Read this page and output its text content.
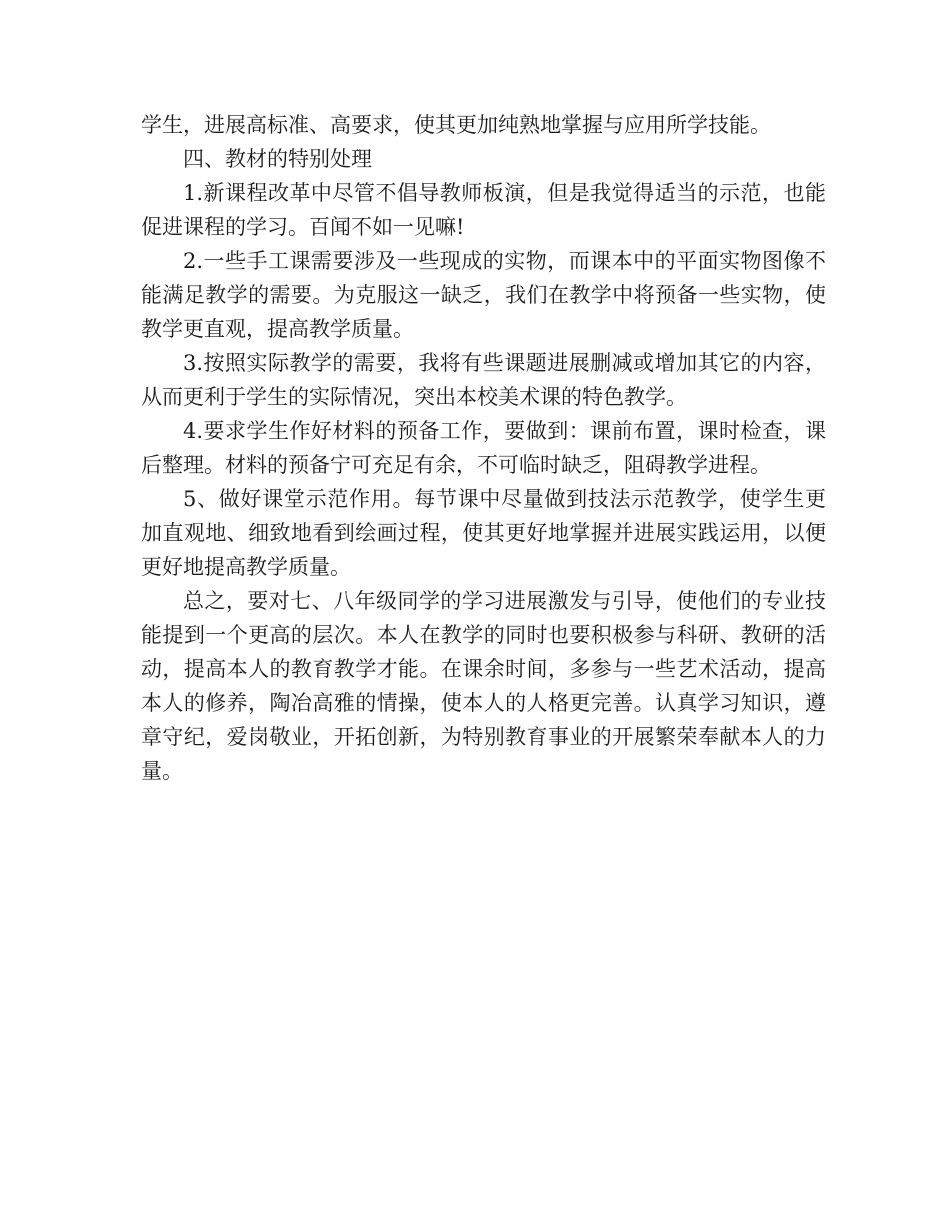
学生，进展高标准、高要求，使其更加纯熟地掌握与应用所学技能。

四、教材的特别处理

1.新课程改革中尽管不倡导教师板演，但是我觉得适当的示范，也能促进课程的学习。百闻不如一见嘛!

2.一些手工课需要涉及一些现成的实物，而课本中的平面实物图像不能满足教学的需要。为克服这一缺乏，我们在教学中将预备一些实物，使教学更直观，提高教学质量。

3.按照实际教学的需要，我将有些课题进展删减或增加其它的内容，从而更利于学生的实际情况，突出本校美术课的特色教学。

4.要求学生作好材料的预备工作，要做到：课前布置，课时检查，课后整理。材料的预备宁可充足有余，不可临时缺乏，阻碍教学进程。

5、做好课堂示范作用。每节课中尽量做到技法示范教学，使学生更加直观地、细致地看到绘画过程，使其更好地掌握并进展实践运用，以便更好地提高教学质量。

总之，要对七、八年级同学的学习进展激发与引导，使他们的专业技能提到一个更高的层次。本人在教学的同时也要积极参与科研、教研的活动，提高本人的教育教学才能。在课余时间，多参与一些艺术活动，提高本人的修养，陶冶高雅的情操，使本人的人格更完善。认真学习知识，遵章守纪，爱岗敬业，开拓创新，为特别教育事业的开展繁荣奉献本人的力量。
